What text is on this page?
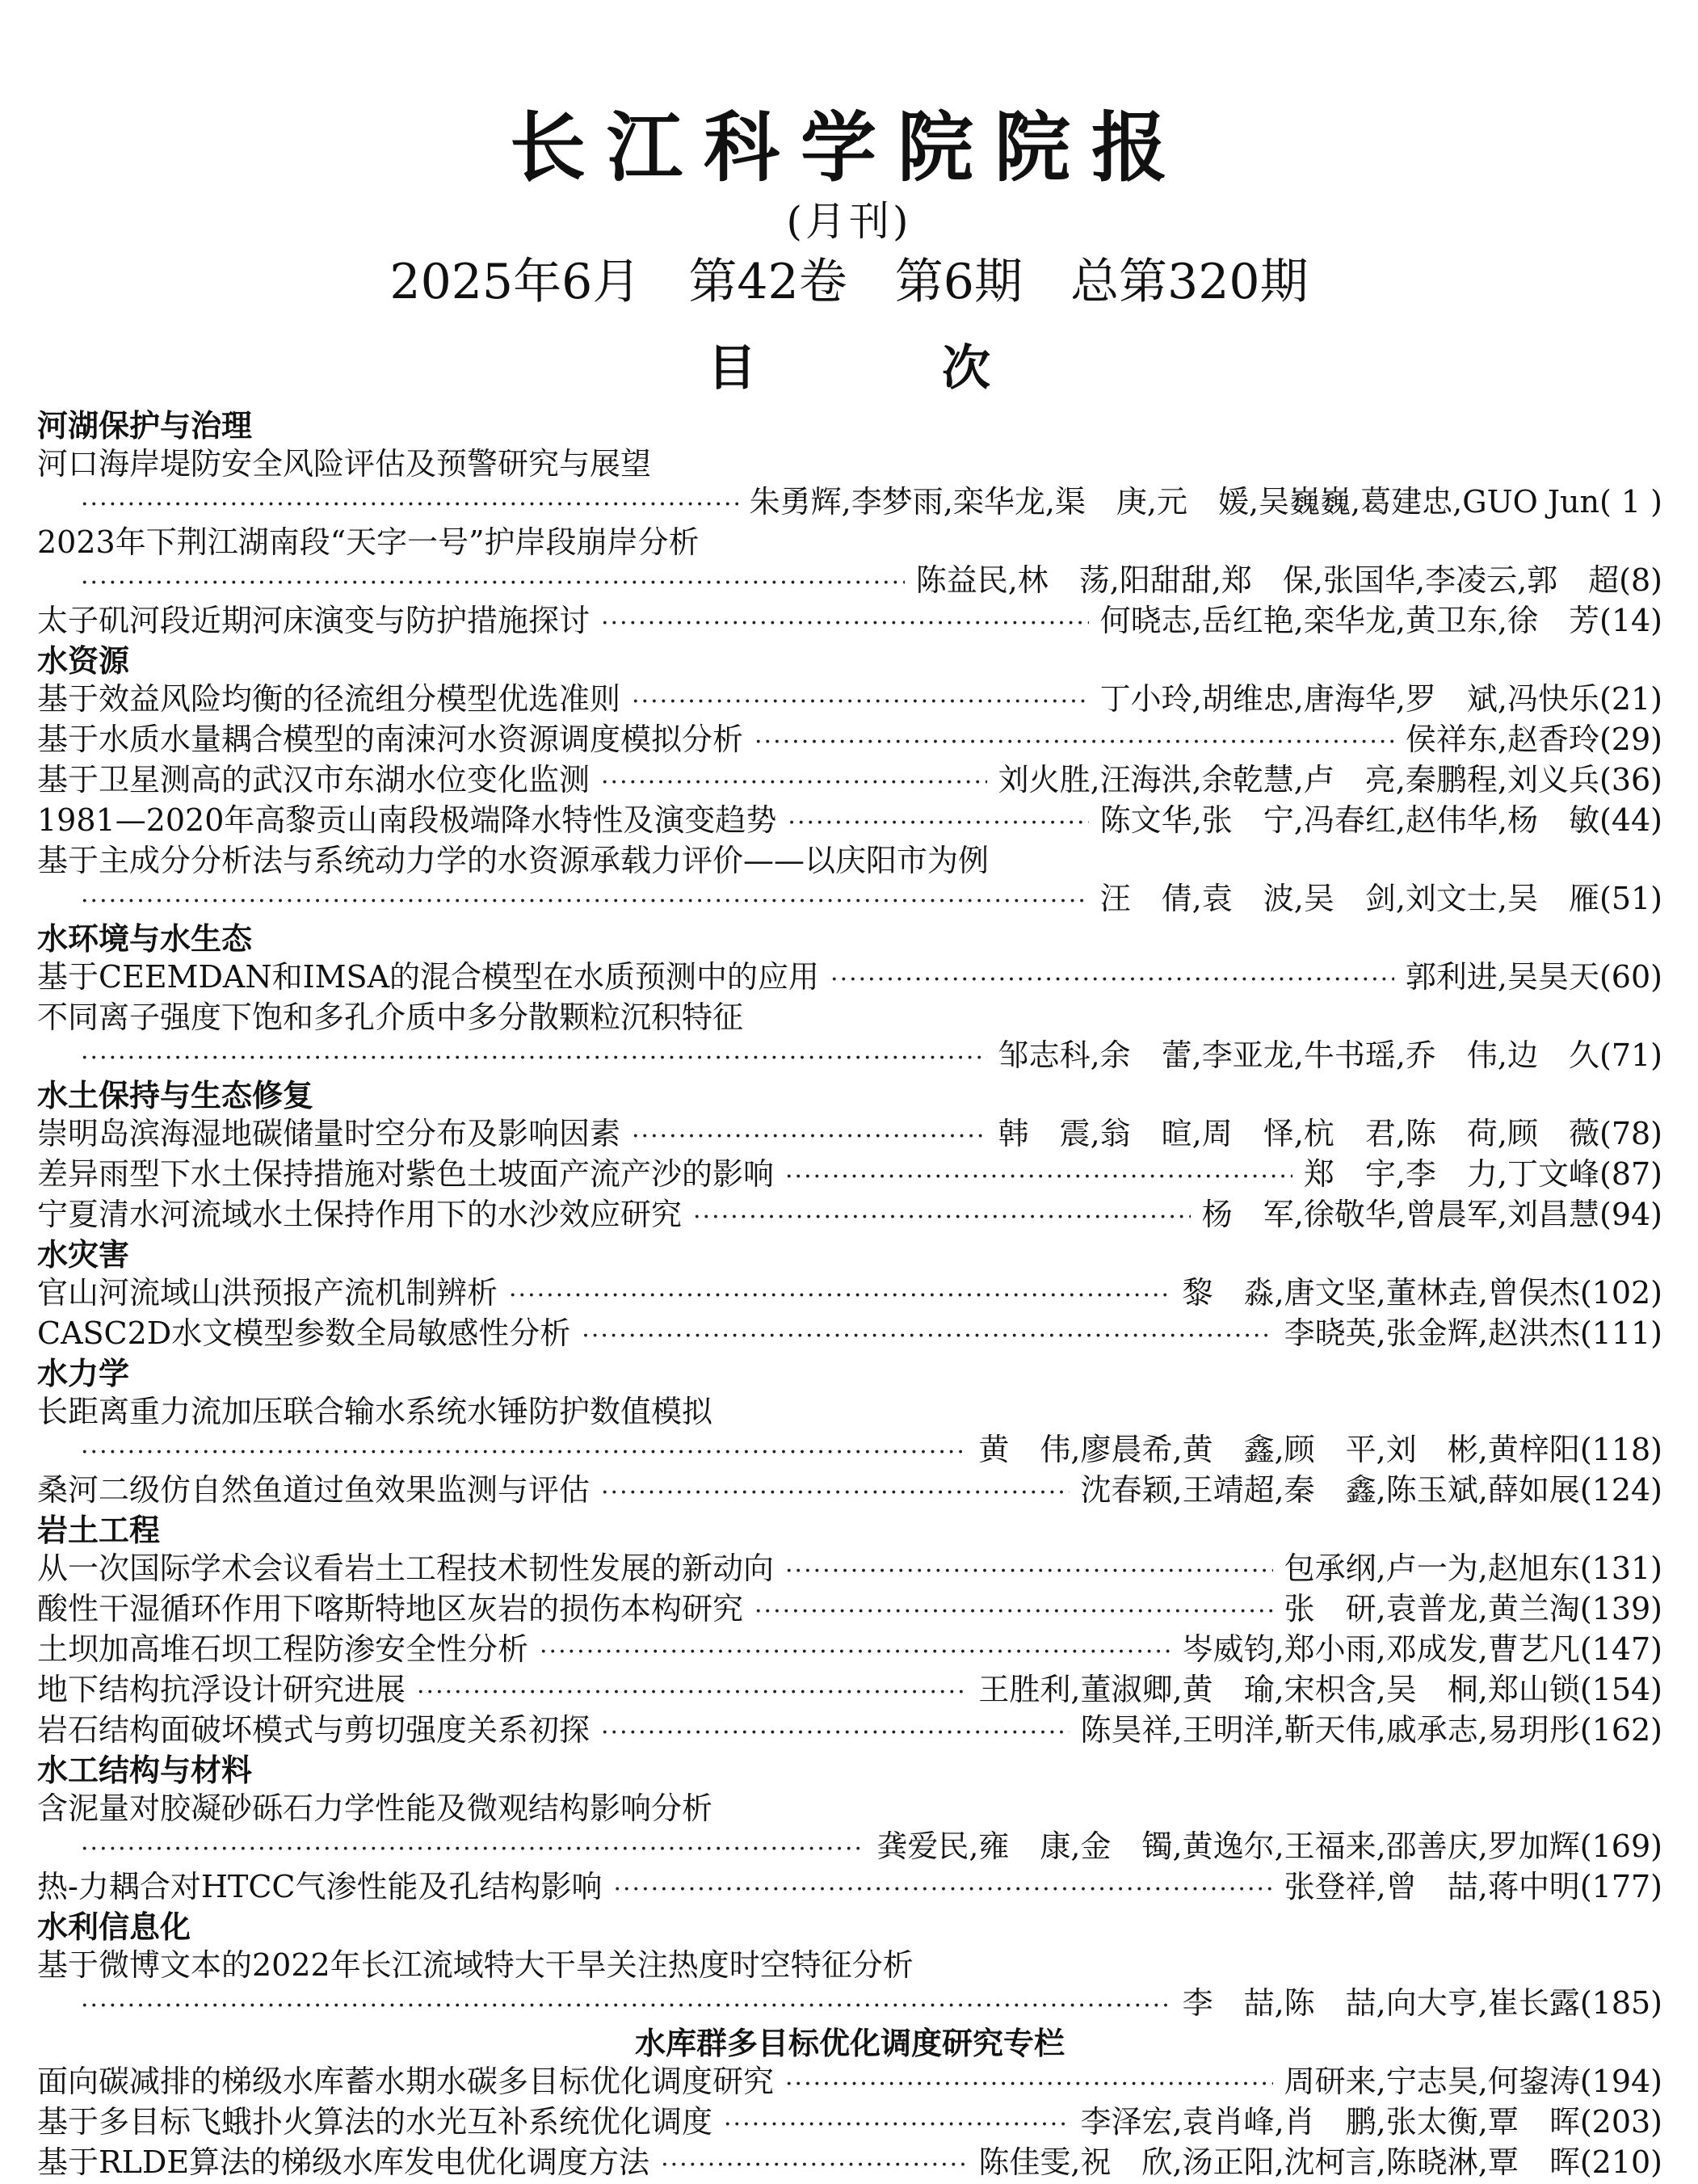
长江科学院院报
(月刊)
2025年6月 第42卷 第6期 总第320期
目次
河湖保护与治理
河口海岸堤防安全风险评估及预警研究与展望
·····
朱勇辉,李梦雨,栾华龙,渠　庚,元　媛,吴巍巍,葛建忠,GUO Jun( 1 )
2023年下荆江湖南段“天字一号”护岸段崩岸分析
·····
陈益民,林　荡,阳甜甜,郑　保,张国华,李凌云,郭　超(8)
太子矶河段近期河床演变与防护措施探讨 ·····	何晓志,岳红艳,栾华龙,黄卫东,徐　芳(14)
水资源
基于效益风险均衡的径流组分模型优选准则 ·····	丁小玲,胡维忠,唐海华,罗　斌,冯快乐(21)
基于水质水量耦合模型的南涑河水资源调度模拟分析 ·····	侯祥东,赵香玲(29)
基于卫星测高的武汉市东湖水位变化监测 ·····	刘火胜,汪海洪,余乾慧,卢　亮,秦鹏程,刘义兵(36)
1981—2020年高黎贡山南段极端降水特性及演变趋势 ·····	陈文华,张　宁,冯春红,赵伟华,杨　敏(44)
基于主成分分析法与系统动力学的水资源承载力评价——以庆阳市为例
·····
汪　倩,袁　波,吴　剑,刘文士,吴　雁(51)
水环境与水生态
基于CEEMDAN和IMSA的混合模型在水质预测中的应用 ·····	郭利进,吴昊天(60)
不同离子强度下饱和多孔介质中多分散颗粒沉积特征
·····
邹志科,余　蕾,李亚龙,牛书瑶,乔　伟,边　久(71)
水土保持与生态修复
崇明岛滨海湿地碳储量时空分布及影响因素 ·····	韩　震,翁　暄,周　怿,杭　君,陈　荷,顾　薇(78)
差异雨型下水土保持措施对紫色土坡面产流产沙的影响 ·····	郑　宇,李　力,丁文峰(87)
宁夏清水河流域水土保持作用下的水沙效应研究 ·····	杨　军,徐敬华,曾晨军,刘昌慧(94)
水灾害
官山河流域山洪预报产流机制辨析 ·····	黎　淼,唐文坚,董林垚,曾俣杰(102)
CASC2D水文模型参数全局敏感性分析 ·····	李晓英,张金辉,赵洪杰(111)
水力学
长距离重力流加压联合输水系统水锤防护数值模拟
·····
黄　伟,廖晨希,黄　鑫,顾　平,刘　彬,黄梓阳(118)
桑河二级仿自然鱼道过鱼效果监测与评估 ·····	沈春颖,王靖超,秦　鑫,陈玉斌,薛如展(124)
岩土工程
从一次国际学术会议看岩土工程技术韧性发展的新动向 ·····	包承纲,卢一为,赵旭东(131)
酸性干湿循环作用下喀斯特地区灰岩的损伤本构研究 ·····	张　研,袁普龙,黄兰淘(139)
土坝加高堆石坝工程防渗安全性分析 ·····	岑威钧,郑小雨,邓成发,曹艺凡(147)
地下结构抗浮设计研究进展 ·····	王胜利,董淑卿,黄　瑜,宋枳含,吴　桐,郑山锁(154)
岩石结构面破坏模式与剪切强度关系初探 ·····	陈昊祥,王明洋,靳天伟,戚承志,易玥彤(162)
水工结构与材料
含泥量对胶凝砂砾石力学性能及微观结构影响分析
·····
龚爱民,雍　康,金　镯,黄逸尔,王福来,邵善庆,罗加辉(169)
热-力耦合对HTCC气渗性能及孔结构影响 ·····	张登祥,曾　喆,蒋中明(177)
水利信息化
基于微博文本的2022年长江流域特大干旱关注热度时空特征分析
·····
李　喆,陈　喆,向大亨,崔长露(185)
水库群多目标优化调度研究专栏
面向碳减排的梯级水库蓄水期水碳多目标优化调度研究 ·····	周研来,宁志昊,何鋆涛(194)
基于多目标飞蛾扑火算法的水光互补系统优化调度 ·····	李泽宏,袁肖峰,肖　鹏,张太衡,覃　晖(203)
基于RLDE算法的梯级水库发电优化调度方法 ·····	陈佳雯,祝　欣,汤正阳,沈柯言,陈晓淋,覃　晖(210)
